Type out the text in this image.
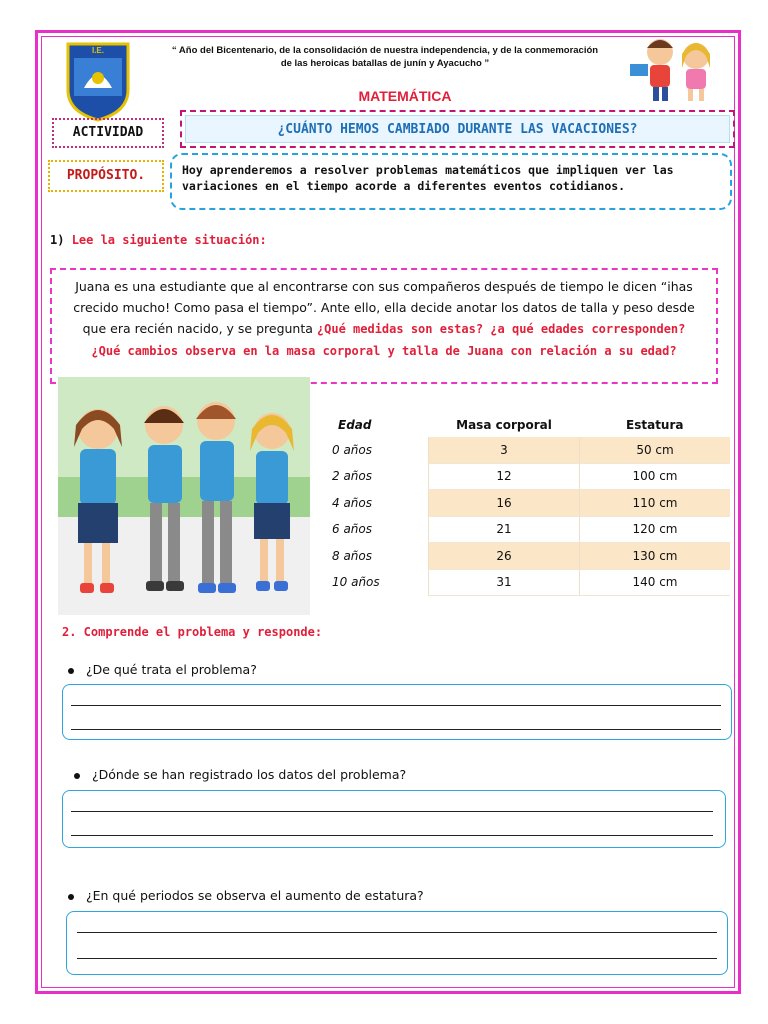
I.E.	“ Año del Bicentenario, de la consolidación de nuestra independencia, y de la conmemoración
de las heroicas batallas de junín y Ayacucho ”
MATEMÁTICA
ACTIVIDAD	¿CUÁNTO HEMOS CAMBIADO DURANTE LAS VACACIONES?
PROPÓSITO.	Hoy aprenderemos a resolver problemas matemáticos que impliquen ver las variaciones en el tiempo acorde a diferentes eventos cotidianos.
1) Lee la siguiente situación:
Juana es una estudiante que al encontrarse con sus compañeros después de tiempo le dicen “ihas crecido mucho! Como pasa el tiempo”. Ante ello, ella decide anotar los datos de talla y peso desde que era recién nacido, y se pregunta ¿Qué medidas son estas? ¿a qué edades corresponden? ¿Qué cambios observa en la masa corporal y talla de Juana con relación a su edad?
Edad	Masa corporal	Estatura
0 años	3	50 cm
2 años	12	100 cm
4 años	16	110 cm
6 años	21	120 cm
8 años	26	130 cm
10 años	31	140 cm
2. Comprende el problema y responde:
¿De qué trata el problema?
¿Dónde se han registrado los datos del problema?
¿En qué periodos se observa el aumento de estatura?
